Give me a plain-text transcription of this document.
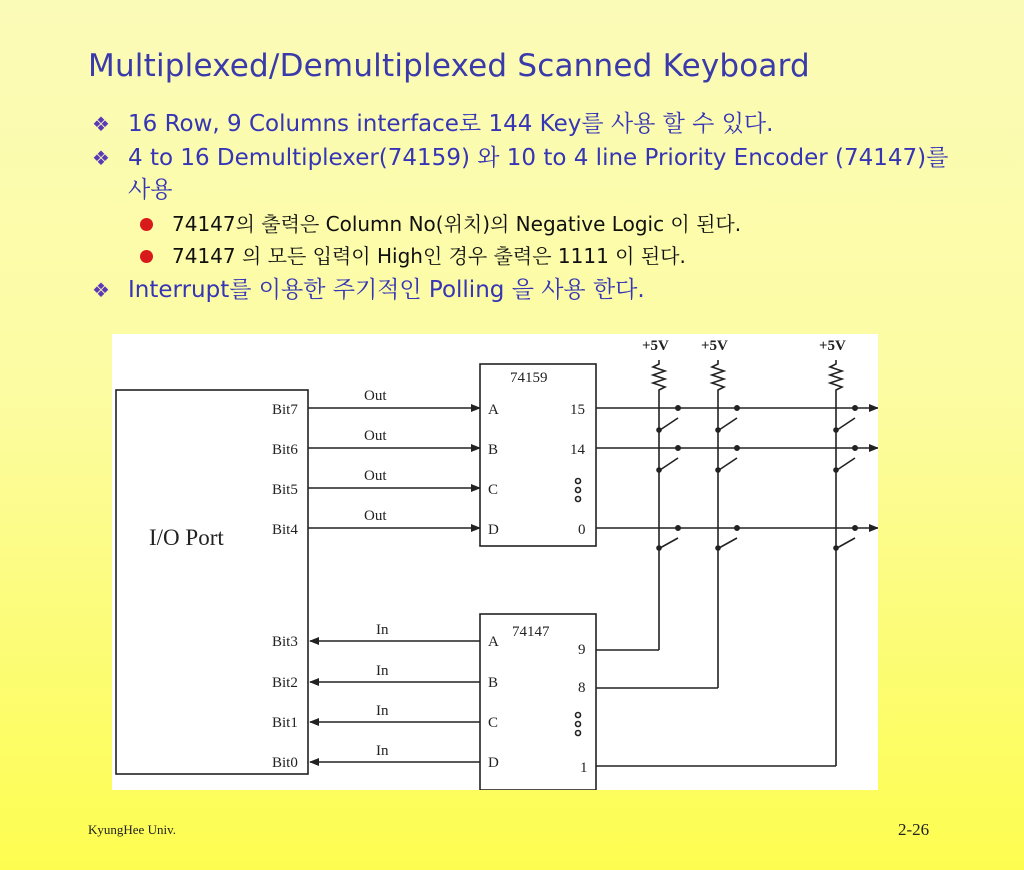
Multiplexed/Demultiplexed Scanned Keyboard
❖ 16 Row, 9 Columns interface로 144 Key를 사용 할 수 있다.
❖ 4 to 16 Demultiplexer(74159) 와 10 to 4 line Priority Encoder (74147)를 사용
74147의 출력은 Column No(위치)의 Negative Logic 이 된다.
74147 의 모든 입력이 High인 경우 출력은 1111 이 된다.
❖ Interrupt를 이용한 주기적인 Polling 을 사용 한다.
I/O Port
Bit7
Bit6
Bit5
Bit4
Bit3
Bit2
Bit1
Bit0
Out
Out
Out
Out
In
In
In
In
74159
A
B
C
D
15
14
0
74147
A
B
C
D
9
8
1
+5V +5V	+5V
KyungHee Univ.	2-26
